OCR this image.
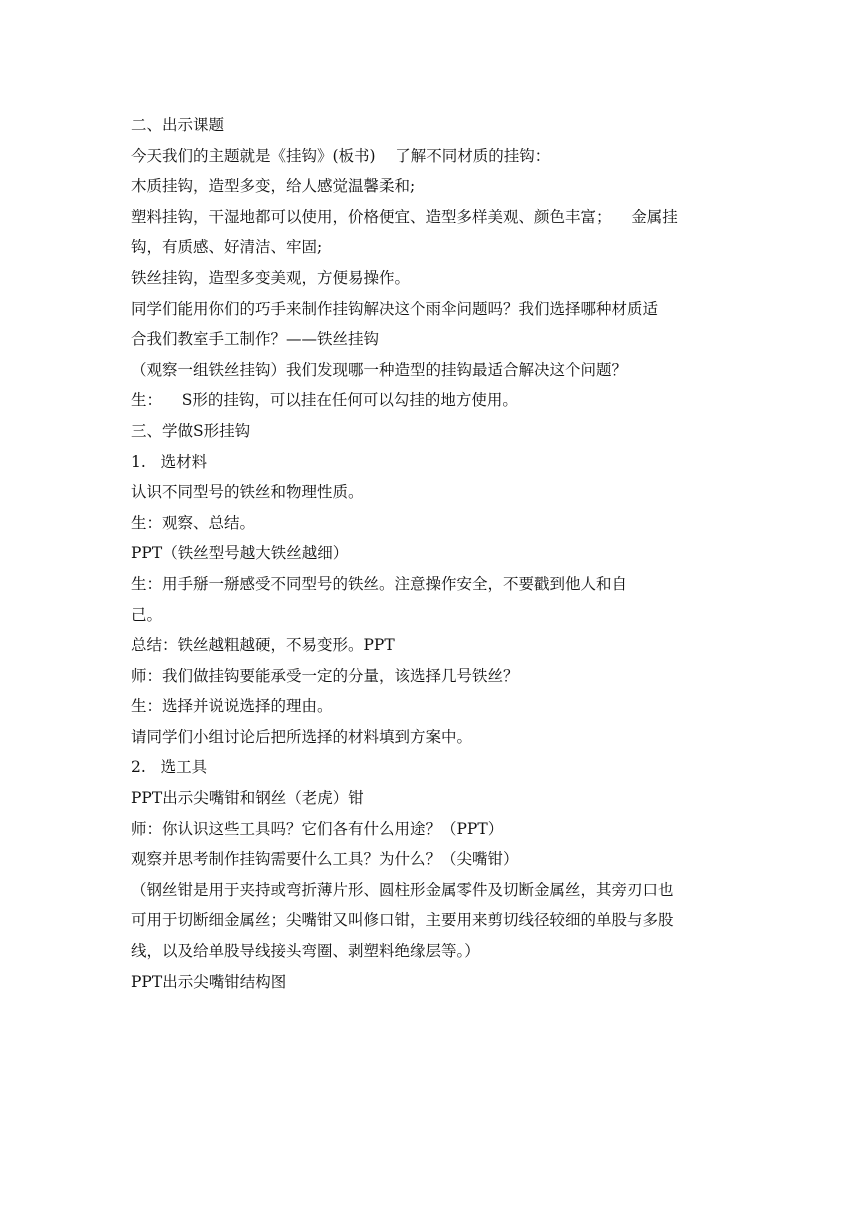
二、出示课题
今天我们的主题就是《挂钩》(板书)    了解不同材质的挂钩：
木质挂钩，造型多变，给人感觉温馨柔和;
塑料挂钩，干湿地都可以使用，价格便宜、造型多样美观、颜色丰富；    金属挂
钩，有质感、好清洁、牢固;
铁丝挂钩，造型多变美观，方便易操作。
同学们能用你们的巧手来制作挂钩解决这个雨伞问题吗？我们选择哪种材质适
合我们教室手工制作？——铁丝挂钩
（观察一组铁丝挂钩）我们发现哪一种造型的挂钩最适合解决这个问题？
生：    S形的挂钩，可以挂在任何可以勾挂的地方使用。
三、学做S形挂钩
1.   选材料
认识不同型号的铁丝和物理性质。
生：观察、总结。
PPT（铁丝型号越大铁丝越细）
生：用手掰一掰感受不同型号的铁丝。注意操作安全，不要戳到他人和自
己。
总结：铁丝越粗越硬，不易变形。PPT
师：我们做挂钩要能承受一定的分量，该选择几号铁丝？
生：选择并说说选择的理由。
请同学们小组讨论后把所选择的材料填到方案中。
2.   选工具
PPT出示尖嘴钳和钢丝（老虎）钳
师：你认识这些工具吗？它们各有什么用途？（PPT）
观察并思考制作挂钩需要什么工具？为什么？（尖嘴钳）
（钢丝钳是用于夹持或弯折薄片形、圆柱形金属零件及切断金属丝，其旁刃口也
可用于切断细金属丝；尖嘴钳又叫修口钳，主要用来剪切线径较细的单股与多股
线，以及给单股导线接头弯圈、剥塑料绝缘层等。）
PPT出示尖嘴钳结构图
